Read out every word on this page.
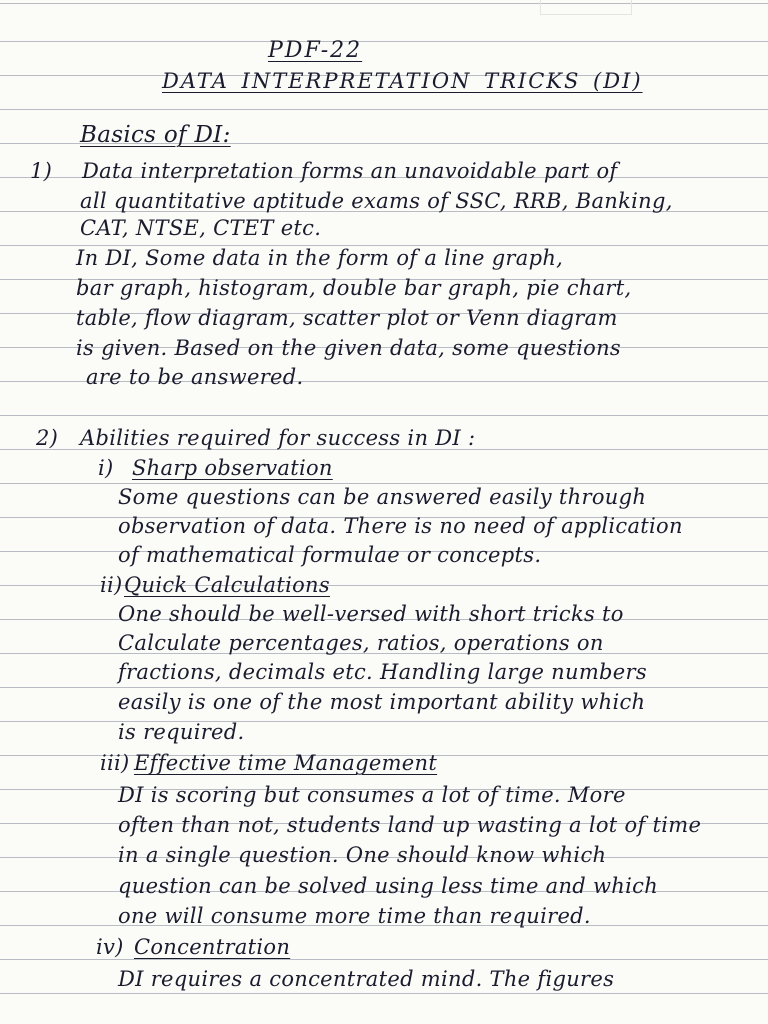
PDF-22
DATA INTERPRETATION TRICKS (DI)
Basics of DI:
1) Data interpretation forms an unavoidable part of
all quantitative aptitude exams of SSC, RRB, Banking,
CAT, NTSE, CTET etc.
In DI, Some data in the form of a line graph,
bar graph, histogram, double bar graph, pie chart,
table, flow diagram, scatter plot or Venn diagram
is given. Based on the given data, some questions
are to be answered.
2) Abilities required for success in DI :
i) Sharp observation
Some questions can be answered easily through
observation of data. There is no need of application
of mathematical formulae or concepts.
ii) Quick Calculations
One should be well-versed with short tricks to
Calculate percentages, ratios, operations on
fractions, decimals etc. Handling large numbers
easily is one of the most important ability which
is required.
iii) Effective time Management
DI is scoring but consumes a lot of time. More
often than not, students land up wasting a lot of time
in a single question. One should know which
question can be solved using less time and which
one will consume more time than required.
iv) Concentration
DI requires a concentrated mind. The figures
